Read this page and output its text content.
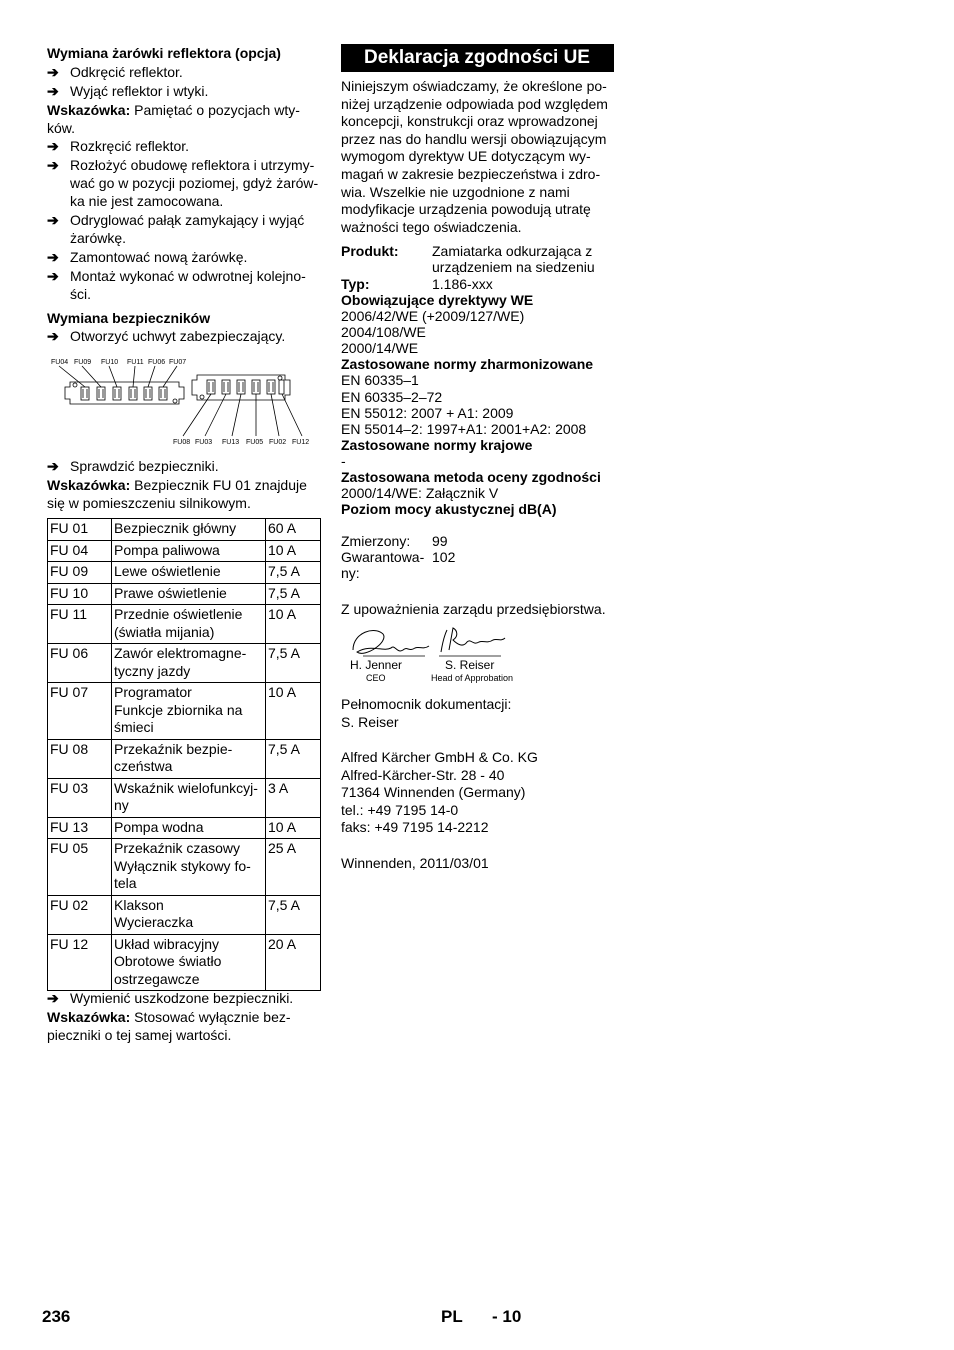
Wymiana żarówki reflektora (opcja)
➔ Odkręcić reflektor.
➔ Wyjąć reflektor i wtyki.
Wskazówka: Pamiętać o pozycjach wty-
ków.
➔ Rozkręcić reflektor.
➔ Rozłożyć obudowę reflektora i utrzymy-
wać go w pozycji poziomej, gdyż żarów-
ka nie jest zamocowana.
➔ Odryglować pałąk zamykający i wyjąć
żarówkę.
➔ Zamontować nową żarówkę.
➔ Montaż wykonać w odwrotnej kolejno-
ści.
Wymiana bezpieczników
➔ Otworzyć uchwyt zabezpieczający.
FU04 FU09 FU10 FU11 FU06 FU07
FU08 FU03 FU13 FU05 FU02 FU12
➔ Sprawdzić bezpieczniki.
Wskazówka: Bezpiecznik FU 01 znajduje
się w pomieszczeniu silnikowym.
FU 01	Bezpiecznik główny	60 A
FU 04	Pompa paliwowa	10 A
FU 09	Lewe oświetlenie	7,5 A
FU 10	Prawe oświetlenie	7,5 A
FU 11	Przednie oświetlenie
(światła mijania)	10 A
FU 06	Zawór elektromagne-
tyczny jazdy	7,5 A
FU 07	Programator
Funkcje zbiornika na
śmieci	10 A
FU 08	Przekaźnik bezpie-
czeństwa	7,5 A
FU 03	Wskaźnik wielofunkcyj-
ny	3 A
FU 13	Pompa wodna	10 A
FU 05	Przekaźnik czasowy
Wyłącznik stykowy fo-
tela	25 A
FU 02	Klakson
Wycieraczka	7,5 A
FU 12	Układ wibracyjny
Obrotowe światło
ostrzegawcze	20 A
➔ Wymienić uszkodzone bezpieczniki.
Wskazówka: Stosować wyłącznie bez-
pieczniki o tej samej wartości.
Deklaracja zgodności UE
Niniejszym oświadczamy, że określone po-
niżej urządzenie odpowiada pod względem
koncepcji, konstrukcji oraz wprowadzonej
przez nas do handlu wersji obowiązującym
wymogom dyrektyw UE dotyczącym wy-
magań w zakresie bezpieczeństwa i zdro-
wia. Wszelkie nie uzgodnione z nami
modyfikacje urządzenia powodują utratę
ważności tego oświadczenia.
Produkt: Zamiatarka odkurzająca z
urządzeniem na siedzeniu
Typ:	1.186-xxx
Obowiązujące dyrektywy WE
2006/42/WE (+2009/127/WE)
2004/108/WE
2000/14/WE
Zastosowane normy zharmonizowane
EN 60335–1
EN 60335–2–72
EN 55012: 2007 + A1: 2009
EN 55014–2: 1997+A1: 2001+A2: 2008
Zastosowane normy krajowe
-
Zastosowana metoda oceny zgodności
2000/14/WE: Załącznik V
Poziom mocy akustycznej dB(A)
Zmierzony: 99
Gwarantowa-
ny:102
Z upoważnienia zarządu przedsiębiorstwa.
H. Jenner
CEO
S. Reiser
Head of Approbation
Pełnomocnik dokumentacji:
S. Reiser
Alfred Kärcher GmbH & Co. KG
Alfred-Kärcher-Str. 28 - 40
71364 Winnenden (Germany)
tel.: +49 7195 14-0
faks: +49 7195 14-2212
Winnenden, 2011/03/01
236	PL - 10
